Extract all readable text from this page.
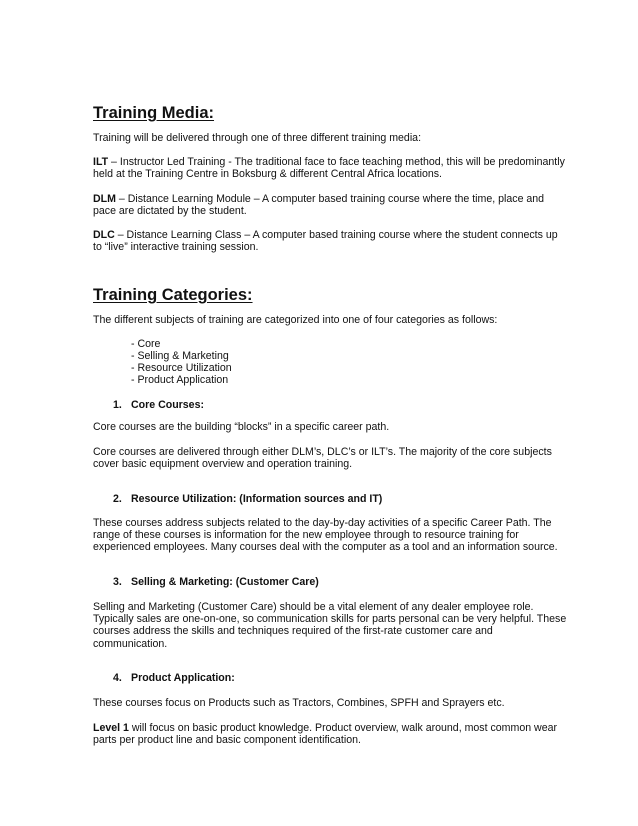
Training Media:
Training will be delivered through one of three different training media:
ILT – Instructor Led Training - The traditional face to face teaching method, this will be predominantly held at the Training Centre in Boksburg & different Central Africa locations.
DLM – Distance Learning Module – A computer based training course where the time, place and pace are dictated by the student.
DLC – Distance Learning Class – A computer based training course where the student connects up to “live” interactive training session.
Training Categories:
The different subjects of training are categorized into one of four categories as follows:
- Core
- Selling & Marketing
- Resource Utilization
- Product Application
1. Core Courses:
Core courses are the building “blocks” in a specific career path.
Core courses are delivered through either DLM’s, DLC’s or ILT’s. The majority of the core subjects cover basic equipment overview and operation training.
2. Resource Utilization: (Information sources and IT)
These courses address subjects related to the day-by-day activities of a specific Career Path. The range of these courses is information for the new employee through to resource training for experienced employees. Many courses deal with the computer as a tool and an information source.
3. Selling & Marketing: (Customer Care)
Selling and Marketing (Customer Care) should be a vital element of any dealer employee role. Typically sales are one-on-one, so communication skills for parts personal can be very helpful. These courses address the skills and techniques required of the first-rate customer care and communication.
4. Product Application:
These courses focus on Products such as Tractors, Combines, SPFH and Sprayers etc.
Level 1 will focus on basic product knowledge. Product overview, walk around, most common wear parts per product line and basic component identification.
